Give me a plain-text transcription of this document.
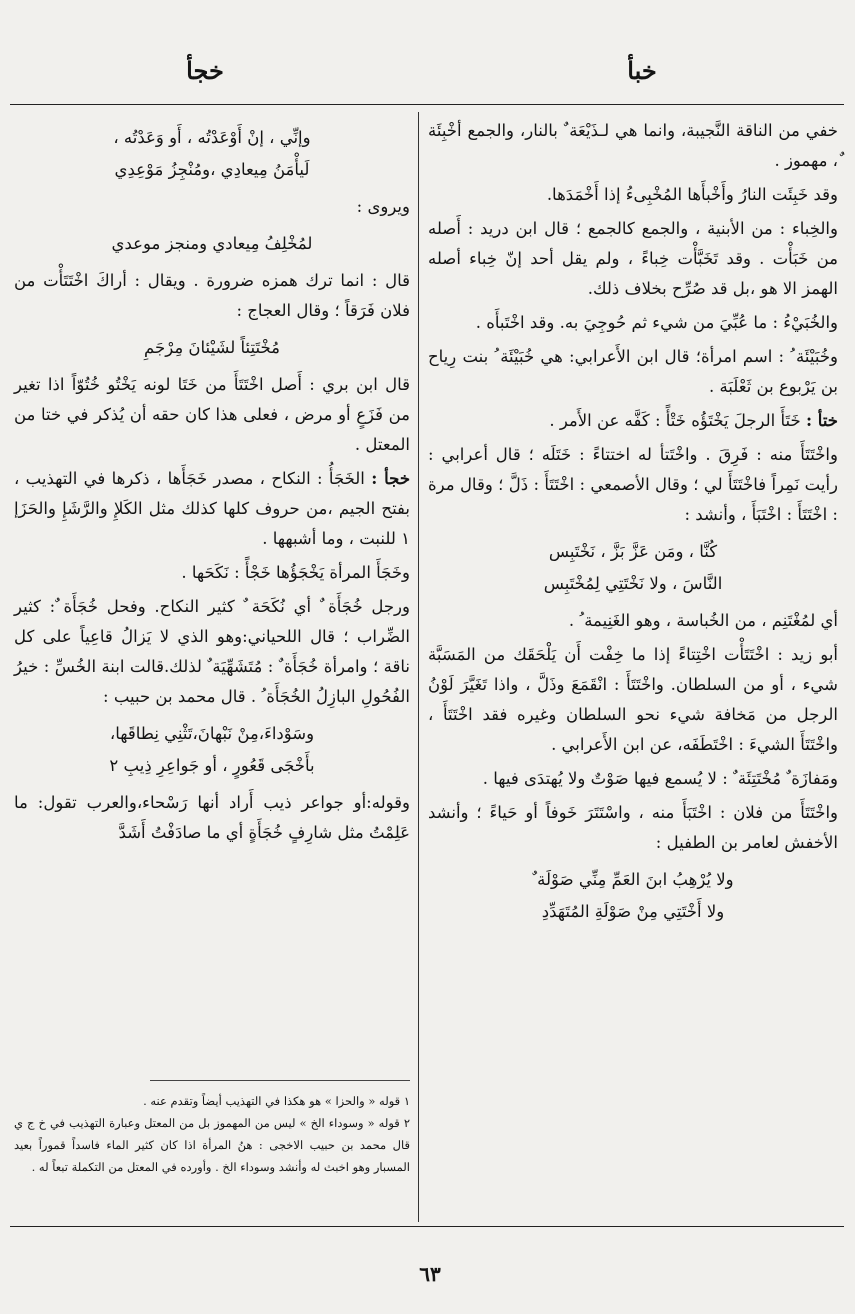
خبأ
خجأ

خفي من الناقة النَّجيبة، وانما هي لـذَيْعَة ٌ بالنار، والجمع أخْبِئَة ٌ، مهموز .

وقد خَبِئَت النارُ وأَخْبأَها المُخْبِىءُ إذا أَخْمَدَها.

والخِباء : من الأبنية ، والجمع كالجمع ؛ قال ابن دريد : أَصله من خَبَأْت . وقد تَخَبَّأْت خِباءً ، ولم يقل أحد إنّ خِباء أصله الهمز الا هو ،بل قد صُرِّح بخلاف ذلك.

والخُبَيْءُ : ما عُبِّيَ من شيء ثم حُوجِيَ به. وقد اخْتَبأَه .

وخُبَيْئَة ُ : اسم امرأة؛ قال ابن الأَعرابي: هي خُبَيْئَة ُ بنت رِياح بن يَرْبوع بن ثَعْلَبَة .

ختأ : خَتَأَ الرجلَ يَخْتَؤُه خَتْأً : كَفَّه عن الأَمر .

واخْتَتَأَ منه : فَرِقَ . واخْتَتأ له اختتاءً : خَتَلَه ؛ قال أعرابي : رأيت نَمِراً فاخْتَتَأَ لي ؛ وقال الأصمعي : اخْتَتَأَ : ذَلَّ ؛ وقال مرة : اخْتَتَأَ : اخْتَبَأَ ، وأنشد :

كُنَّا ، ومَن عَزَّ بَزَّ ، نَخْتَبِس
النَّاسَ ، ولا نَخْتَتِي لِمُخْتَبِس

أي لمُغْتَنِم ، من الخُباسة ، وهو الغَنِيمة ُ .

أبو زيد : اخْتَتَأْت اخْتِتاءً إذا ما خِفْت أَن يَلْحَقَك من المَسَبَّة شيء ، أو من السلطان. واخْتَتَأَ : انْقَمَعَ وذَلَّ ، واذا تَغَيَّرَ لَوْنُ الرجل من مَخافة شيء نحو السلطان وغيره فقد اخْتَتَأَ ، واخْتَتَأَ الشيءَ : اخْتَطَفَه، عن ابن الأَعرابي .

ومَفازَة ٌ مُخْتَتِئَة ٌ : لا يُسمع فيها صَوْتٌ ولا يُهتدَى فيها .

واخْتَتَأَ من فلان : اخْتَبَأَ منه ، واسْتَتَرَ خَوفاً أو حَياءً ؛ وأنشد الأخفش لعامر بن الطفيل :

ولا يُرْهِبُ ابنَ العَمِّ مِنِّي صَوْلَة ٌ
ولا أَخْتَتِي مِنْ صَوْلَةِ المُتَهَدِّدِ
وإنِّي ، إنْ أَوْعَدْتُه ، أَو وَعَدْتُه ،
لَيأْمَنُ مِيعادِي ،ومُنْجِزُ مَوْعِدِي

ويروى :

لمُخْلِفُ مِيعادي ومنجز موعدي

قال : انما ترك همزه ضرورة . ويقال : أراكَ اخْتَتَأْت من فلان فَرَقاً ؛ وقال العجاج :

مُخْتَتِئاً لشَيْئانَ مِرْجَمِ

قال ابن بري : أَصل اخْتَتَأَ من خَتَا لونه يَخْتُو خُتُوّاً اذا تغير من فَزَعٍ أو مرض ، فعلى هذا كان حقه أن يُذكر في ختا من المعتل .

خجأ : الخَجَأُ : النكاح ، مصدر خَجَأَها ، ذكرها في التهذيب ، بفتح الجيم ،من حروف كلها كذلك مثل الكَلإِ والرَّشَإِ والحَزَإ ١ للنبت ، وما أشبهها .

وخَجَأَ المرأة يَخْجَؤُها خَجْأً : نَكَحَها .

ورجل خُجَأَة ٌ أي نُكَحَة ٌ كثير النكاح. وفحل خُجَأَة ٌ: كثير الضِّراب ؛ قال اللحياني:وهو الذي لا يَزالُ قاعِياً على كل ناقة ؛ وامرأة خُجَأَة ٌ : مُتَشَهِّيَة ٌ لذلك.قالت ابنة الخُسِّ : خيرُ الفُحُولِ البازِلُ الخُجَأَة ُ . قال محمد بن حبيب :

وسَوْداءَ،مِنْ نَبْهانَ،تَثْنِي نِطاقَها،
بأَخْجَى قَعُورٍ ، أو جَواعِرِ ذِيبِ ٢

وقوله:أو جواعر ذيب أَراد أنها رَسْحاء،والعرب تقول: ما عَلِمْتُ مثل شارِفٍ خُجَأَةٍ أي ما صادَفْتُ أَشَدَّ

١ قوله « والحزا » هو هكذا في التهذيب أيضاً وتقدم عنه .

٢ قوله « وسوداء الخ » ليس من المهموز بل من المعتل وعبارة التهذيب في خ ج ي قال محمد بن حبيب الاخجى : هنُ المرأة اذا كان كثير الماء فاسداً قموراً بعيد المسبار وهو اخبث له وأنشد وسوداء الخ . وأورده في المعتل من التكملة تبعاً له .

٦٣
